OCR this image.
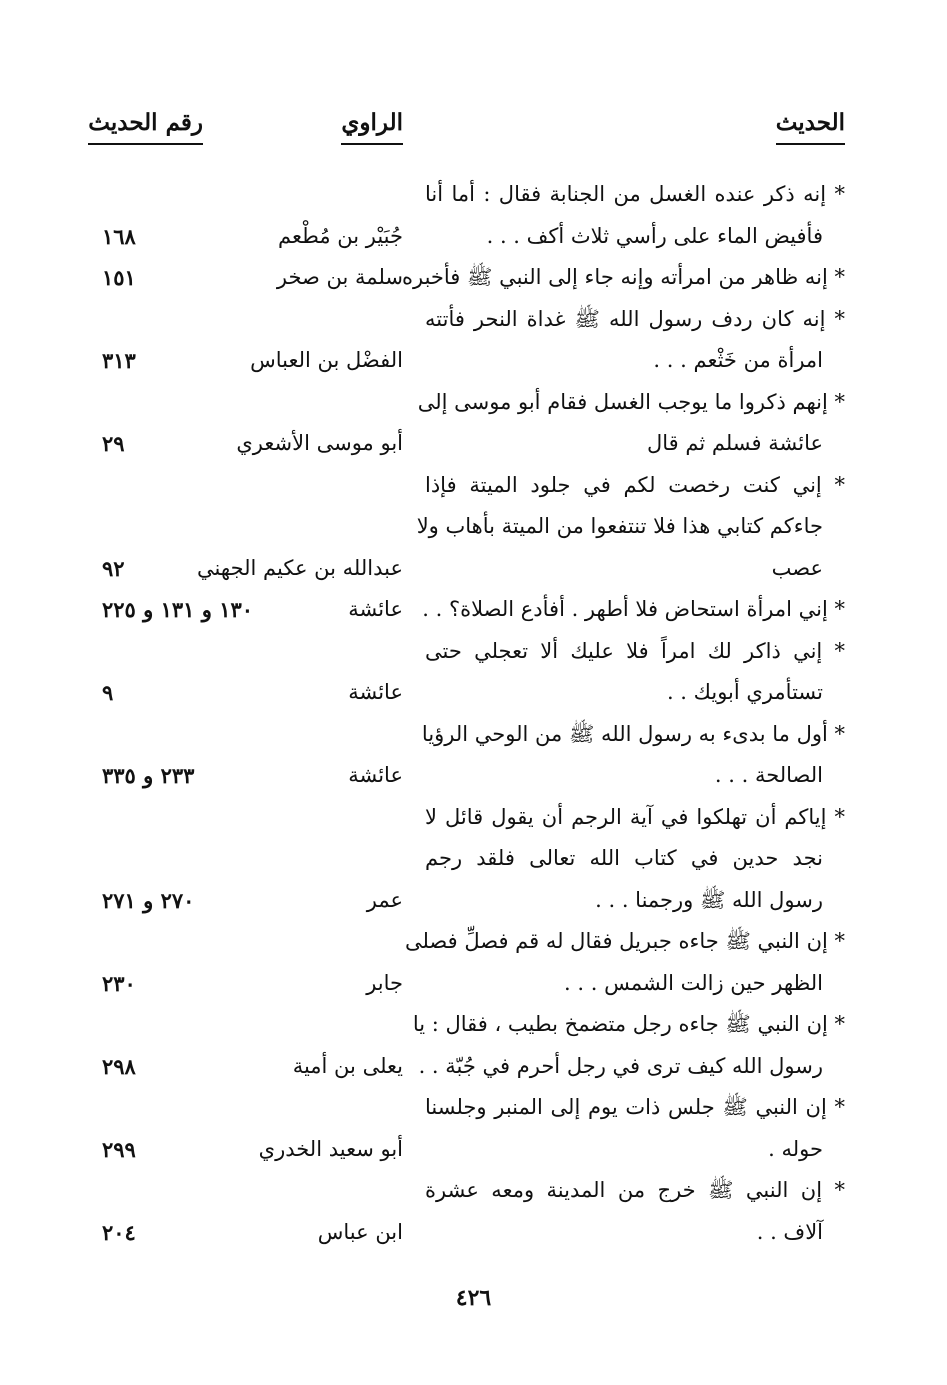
الحديث
الراوي
رقم الحديث
* إنه ذكر عنده الغسل من الجنابة فقال : أما أنا
فأفيض الماء على رأسي ثلاث أكف . . .
جُبَيْر بن مُطْعم
١٦٨
* إنه ظاهر من امرأته وإنه جاء إلى النبي ﷺ فأخبره
سلمة بن صخر
١٥١
* إنه كان ردف رسول الله ﷺ غداة النحر فأتته
امرأة من خَثْعم . . .
الفضْل بن العباس
٣١٣
* إنهم ذكروا ما يوجب الغسل فقام أبو موسى إلى
عائشة فسلم ثم قال
أبو موسى الأشعري
٢٩
* إني كنت رخصت لكم في جلود الميتة فإذا
جاءكم كتابي هذا فلا تنتفعوا من الميتة بأهاب ولا
عصب
عبدالله بن عكيم الجهني
٩٢
* إني امرأة استحاض فلا أطهر . أفأدع الصلاة؟ . .
عائشة
١٣٠ و ١٣١ و ٢٢٥
* إني ذاكر لك امراً فلا عليك ألا تعجلي حتى
تستأمري أبويك . .
عائشة
٩
* أول ما بدىء به رسول الله ﷺ من الوحي الرؤيا
الصالحة . . .
عائشة
٢٣٣ و ٣٣٥
* إياكم أن تهلكوا في آية الرجم أن يقول قائل لا
نجد حدين في كتاب الله تعالى فلقد رجم
رسول الله ﷺ ورجمنا . . .
عمر
٢٧٠ و ٢٧١
* إن النبي ﷺ جاءه جبريل فقال له قم فصلِّ فصلى
الظهر حين زالت الشمس . . .
جابر
٢٣٠
* إن النبي ﷺ جاءه رجل متضمخ بطيب ، فقال : يا
رسول الله كيف ترى في رجل أحرم في جُبّة . .
يعلى بن أمية
٢٩٨
* إن النبي ﷺ جلس ذات يوم إلى المنبر وجلسنا
حوله .
أبو سعيد الخدري
٢٩٩
* إن النبي ﷺ خرج من المدينة ومعه عشرة
آلاف . .
ابن عباس
٢٠٤
٤٢٦
